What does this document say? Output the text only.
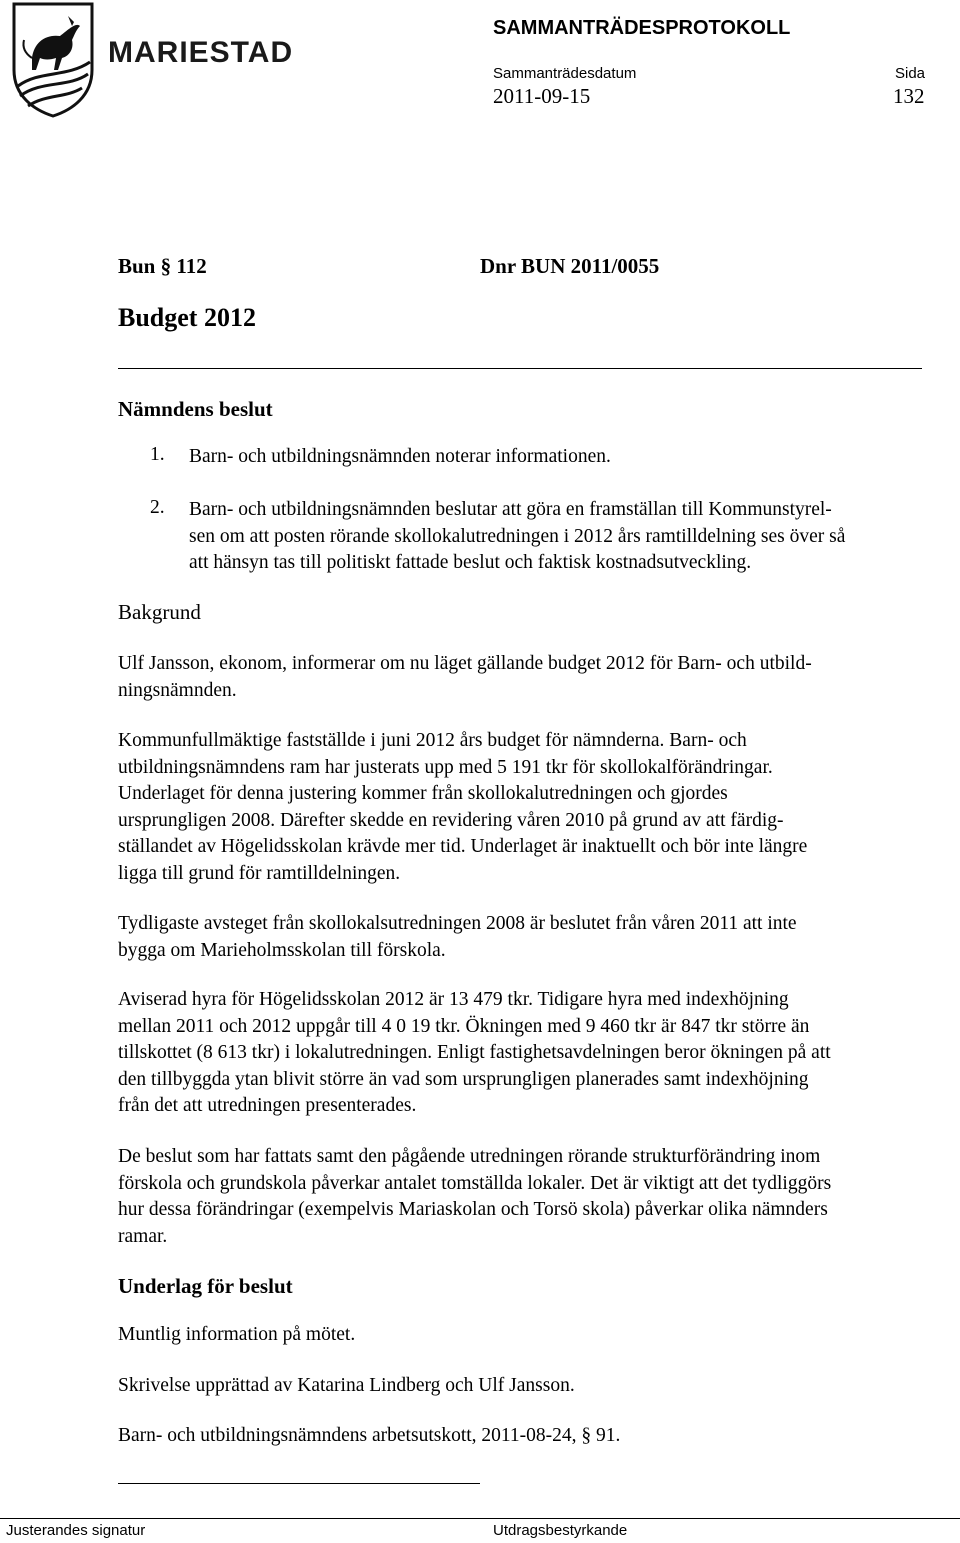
MARIESTAD
SAMMANTRÄDESPROTOKOLL
Sammanträdesdatum	Sida
2011-09-15	132
Bun § 112	Dnr BUN 2011/0055
Budget 2012
Nämndens beslut
1. Barn- och utbildningsnämnden noterar informationen.
2. Barn- och utbildningsnämnden beslutar att göra en framställan till Kommunstyrel-
sen om att posten rörande skollokalutredningen i 2012 års ramtilldelning ses över så
att hänsyn tas till politiskt fattade beslut och faktisk kostnadsutveckling.
Bakgrund
Ulf Jansson, ekonom, informerar om nu läget gällande budget 2012 för Barn- och utbild-
ningsnämnden.
Kommunfullmäktige fastställde i juni 2012 års budget för nämnderna. Barn- och
utbildningsnämndens ram har justerats upp med 5 191 tkr för skollokalförändringar.
Underlaget för denna justering kommer från skollokalutredningen och gjordes
ursprungligen 2008. Därefter skedde en revidering våren 2010 på grund av att färdig-
ställandet av Högelidsskolan krävde mer tid. Underlaget är inaktuellt och bör inte längre
ligga till grund för ramtilldelningen.
Tydligaste avsteget från skollokalsutredningen 2008 är beslutet från våren 2011 att inte
bygga om Marieholmsskolan till förskola.
Aviserad hyra för Högelidsskolan 2012 är 13 479 tkr. Tidigare hyra med indexhöjning
mellan 2011 och 2012 uppgår till 4 0 19 tkr. Ökningen med 9 460 tkr är 847 tkr större än
tillskottet (8 613 tkr) i lokalutredningen. Enligt fastighetsavdelningen beror ökningen på att
den tillbyggda ytan blivit större än vad som ursprungligen planerades samt indexhöjning
från det att utredningen presenterades.
De beslut som har fattats samt den pågående utredningen rörande strukturförändring inom
förskola och grundskola påverkar antalet tomställda lokaler. Det är viktigt att det tydliggörs
hur dessa förändringar (exempelvis Mariaskolan och Torsö skola) påverkar olika nämnders
ramar.
Underlag för beslut
Muntlig information på mötet.
Skrivelse upprättad av Katarina Lindberg och Ulf Jansson.
Barn- och utbildningsnämndens arbetsutskott, 2011-08-24, § 91.
Justerandes signatur	Utdragsbestyrkande
